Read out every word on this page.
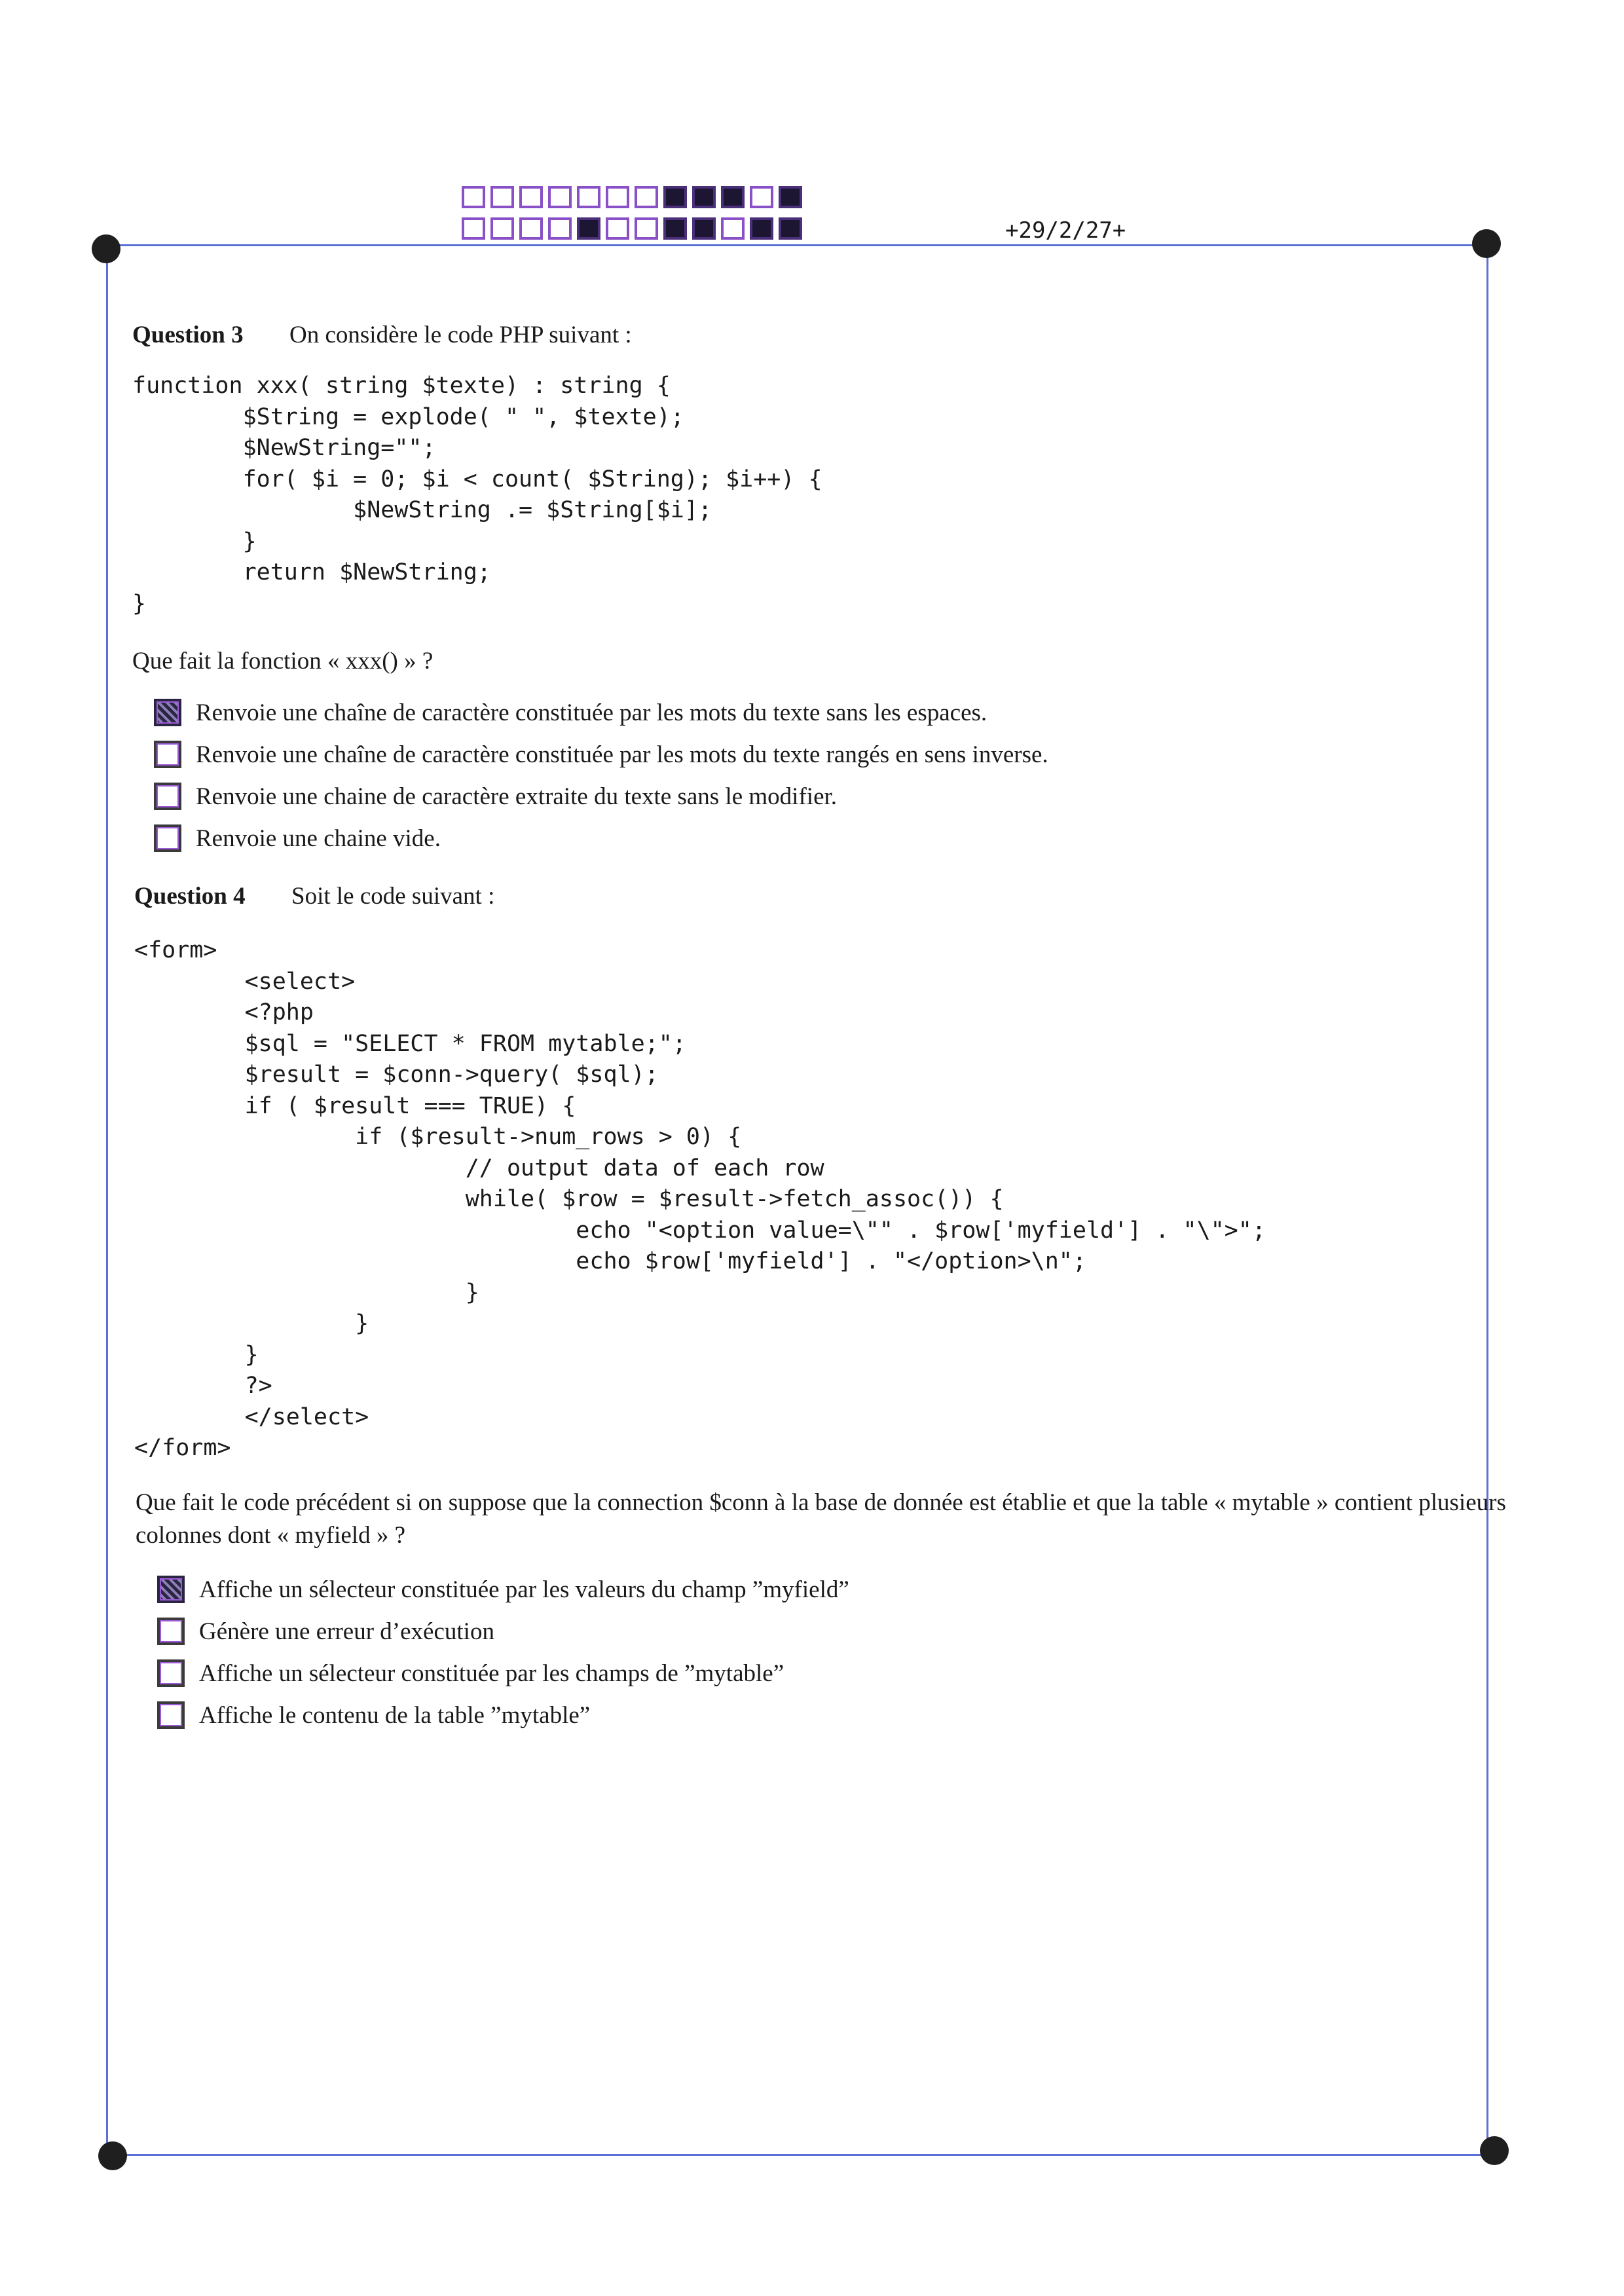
+29/2/27+
Question 3 On considère le code PHP suivant :
function xxx( string $texte) : string {
$String = explode( " ", $texte);
$NewString="";
for( $i = 0; $i < count( $String); $i++) {
$NewString .= $String[$i];
}
return $NewString;
}
Que fait la fonction « xxx() » ?
Renvoie une chaîne de caractère constituée par les mots du texte sans les espaces.
Renvoie une chaîne de caractère constituée par les mots du texte rangés en sens inverse.
Renvoie une chaine de caractère extraite du texte sans le modifier.
Renvoie une chaine vide.
Question 4 Soit le code suivant :
<form>
<select>
<?php
$sql = "SELECT * FROM mytable;";
$result = $conn->query( $sql);
if ( $result === TRUE) {
if ($result->num_rows > 0) {
// output data of each row
while( $row = $result->fetch_assoc()) {
echo "<option value=\"" . $row['myfield'] . "\">";
echo $row['myfield'] . "</option>\n";
}
}
}
?>
</select>
</form>
Que fait le code précédent si on suppose que la connection $conn à la base de donnée est établie et que la table « mytable » contient plusieurs colonnes dont « myfield » ?
Affiche un sélecteur constituée par les valeurs du champ ”myfield”
Génère une erreur d’exécution
Affiche un sélecteur constituée par les champs de ”mytable”
Affiche le contenu de la table ”mytable”
